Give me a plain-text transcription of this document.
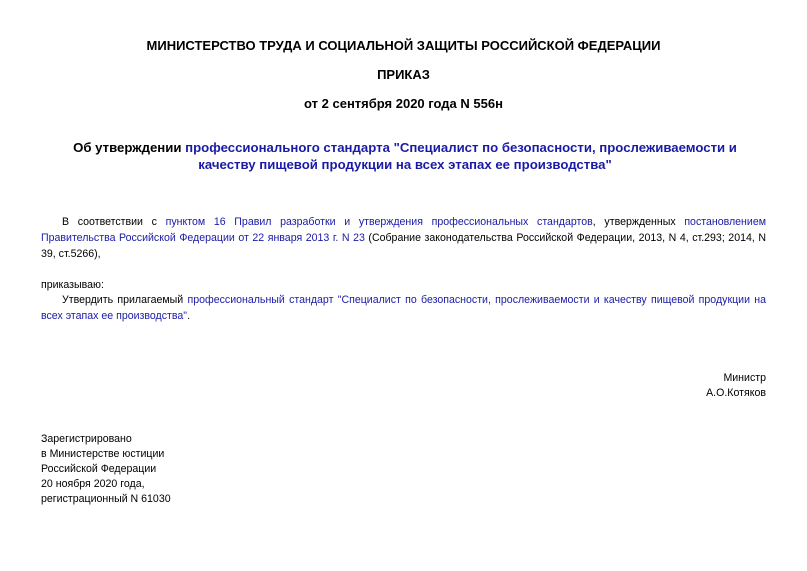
МИНИСТЕРСТВО ТРУДА И СОЦИАЛЬНОЙ ЗАЩИТЫ РОССИЙСКОЙ ФЕДЕРАЦИИ
ПРИКАЗ
от 2 сентября 2020 года N 556н
Об утверждении профессионального стандарта "Специалист по безопасности, прослеживаемости и качеству пищевой продукции на всех этапах ее производства"
В соответствии с пунктом 16 Правил разработки и утверждения профессиональных стандартов, утвержденных постановлением Правительства Российской Федерации от 22 января 2013 г. N 23 (Собрание законодательства Российской Федерации, 2013, N 4, ст.293; 2014, N 39, ст.5266),
приказываю:
Утвердить прилагаемый профессиональный стандарт "Специалист по безопасности, прослеживаемости и качеству пищевой продукции на всех этапах ее производства".
Министр
А.О.Котяков
Зарегистрировано
в Министерстве юстиции
Российской Федерации
20 ноября 2020 года,
регистрационный N 61030
